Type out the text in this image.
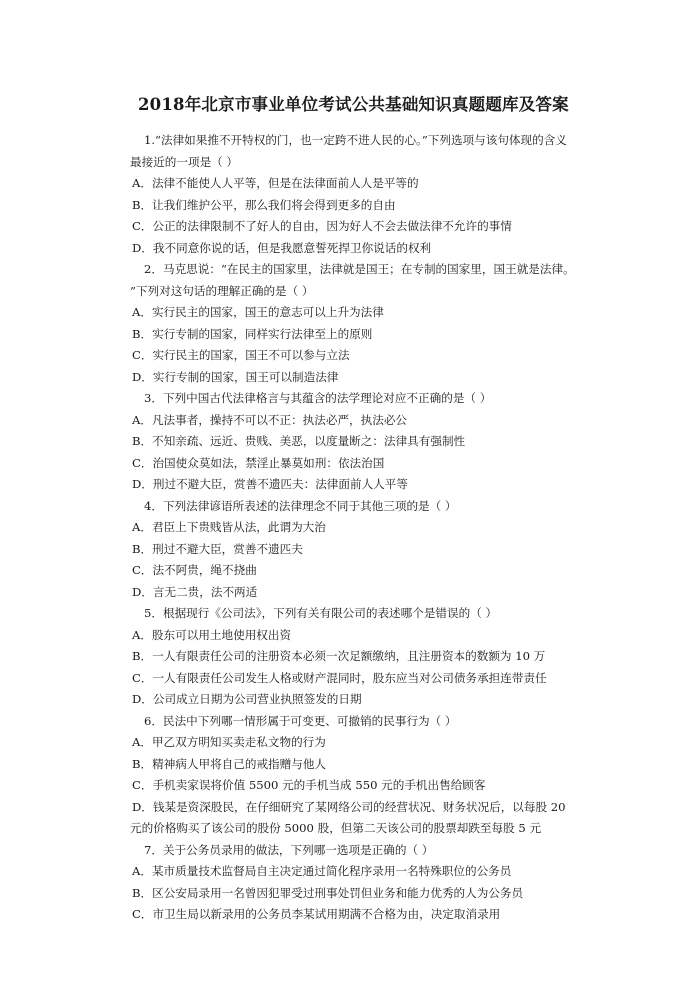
2018年北京市事业单位考试公共基础知识真题题库及答案
1.“法律如果推不开特权的门，也一定跨不进人民的心。”下列选项与该句体现的含义
最接近的一项是（ ）
A．法律不能使人人平等，但是在法律面前人人是平等的
B．让我们维护公平，那么我们将会得到更多的自由
C．公正的法律限制不了好人的自由，因为好人不会去做法律不允许的事情
D．我不同意你说的话，但是我愿意誓死捍卫你说话的权利
2．马克思说：“在民主的国家里，法律就是国王；在专制的国家里，国王就是法律。
”下列对这句话的理解正确的是（ ）
A．实行民主的国家，国王的意志可以上升为法律
B．实行专制的国家，同样实行法律至上的原则
C．实行民主的国家，国王不可以参与立法
D．实行专制的国家，国王可以制造法律
3．下列中国古代法律格言与其蕴含的法学理论对应不正确的是（ ）
A．凡法事者，操持不可以不正：执法必严，执法必公
B．不知亲疏、远近、贵贱、美恶，以度量断之：法律具有强制性
C．治国使众莫如法，禁淫止暴莫如刑：依法治国
D．刑过不避大臣，赏善不遗匹夫：法律面前人人平等
4．下列法律谚语所表述的法律理念不同于其他三项的是（ ）
A．君臣上下贵贱皆从法，此谓为大治
B．刑过不避大臣，赏善不遗匹夫
C．法不阿贵，绳不挠曲
D．言无二贵，法不两适
5．根据现行《公司法》，下列有关有限公司的表述哪个是错误的（ ）
A．股东可以用土地使用权出资
B．一人有限责任公司的注册资本必须一次足额缴纳，且注册资本的数额为 10 万
C．一人有限责任公司发生人格或财产混同时，股东应当对公司债务承担连带责任
D．公司成立日期为公司营业执照签发的日期
6．民法中下列哪一情形属于可变更、可撤销的民事行为（ ）
A．甲乙双方明知买卖走私文物的行为
B．精神病人甲将自己的戒指赠与他人
C．手机卖家误将价值 5500 元的手机当成 550 元的手机出售给顾客
D．钱某是资深股民，在仔细研究了某网络公司的经营状况、财务状况后，以每股 20
元的价格购买了该公司的股份 5000 股，但第二天该公司的股票却跌至每股 5 元
7．关于公务员录用的做法，下列哪一选项是正确的（ ）
A．某市质量技术监督局自主决定通过简化程序录用一名特殊职位的公务员
B．区公安局录用一名曾因犯罪受过刑事处罚但业务和能力优秀的人为公务员
C．市卫生局以新录用的公务员李某试用期满不合格为由，决定取消录用
